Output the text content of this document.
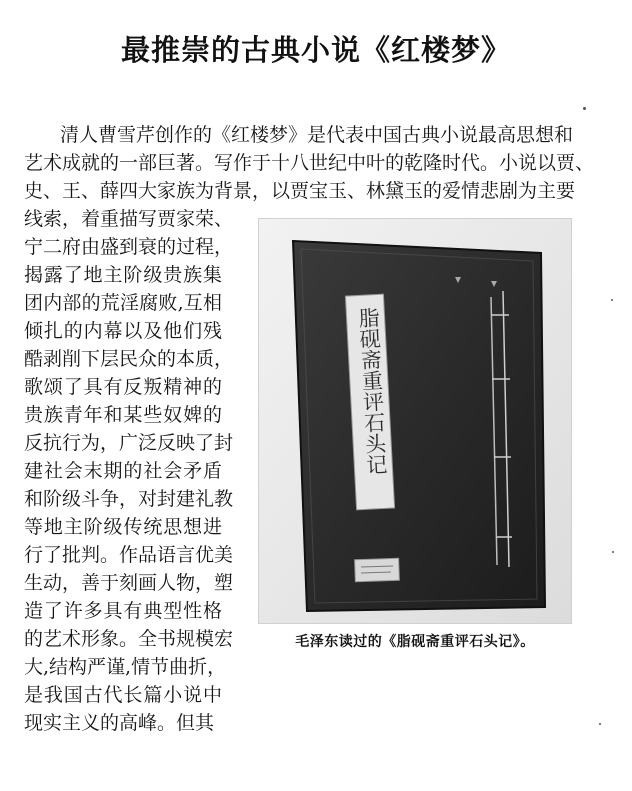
最推崇的古典小说《红楼梦》
清人曹雪芹创作的《红楼梦》是代表中国古典小说最高思想和
艺术成就的一部巨著。写作于十八世纪中叶的乾隆时代。小说以贾、
史、王、薛四大家族为背景，以贾宝玉、林黛玉的爱情悲剧为主要
线索，着重描写贾家荣、
宁二府由盛到衰的过程，
揭露了地主阶级贵族集
团内部的荒淫腐败,互相
倾扎的内幕以及他们残
酷剥削下层民众的本质，
歌颂了具有反叛精神的
贵族青年和某些奴婢的
反抗行为，广泛反映了封
建社会末期的社会矛盾
和阶级斗争，对封建礼教
等地主阶级传统思想进
行了批判。作品语言优美
生动，善于刻画人物，塑
造了许多具有典型性格
的艺术形象。全书规模宏
大,结构严谨,情节曲折，
是我国古代长篇小说中
现实主义的高峰。但其
脂砚斋重评石头记
毛泽东读过的《脂砚斋重评石头记》。
